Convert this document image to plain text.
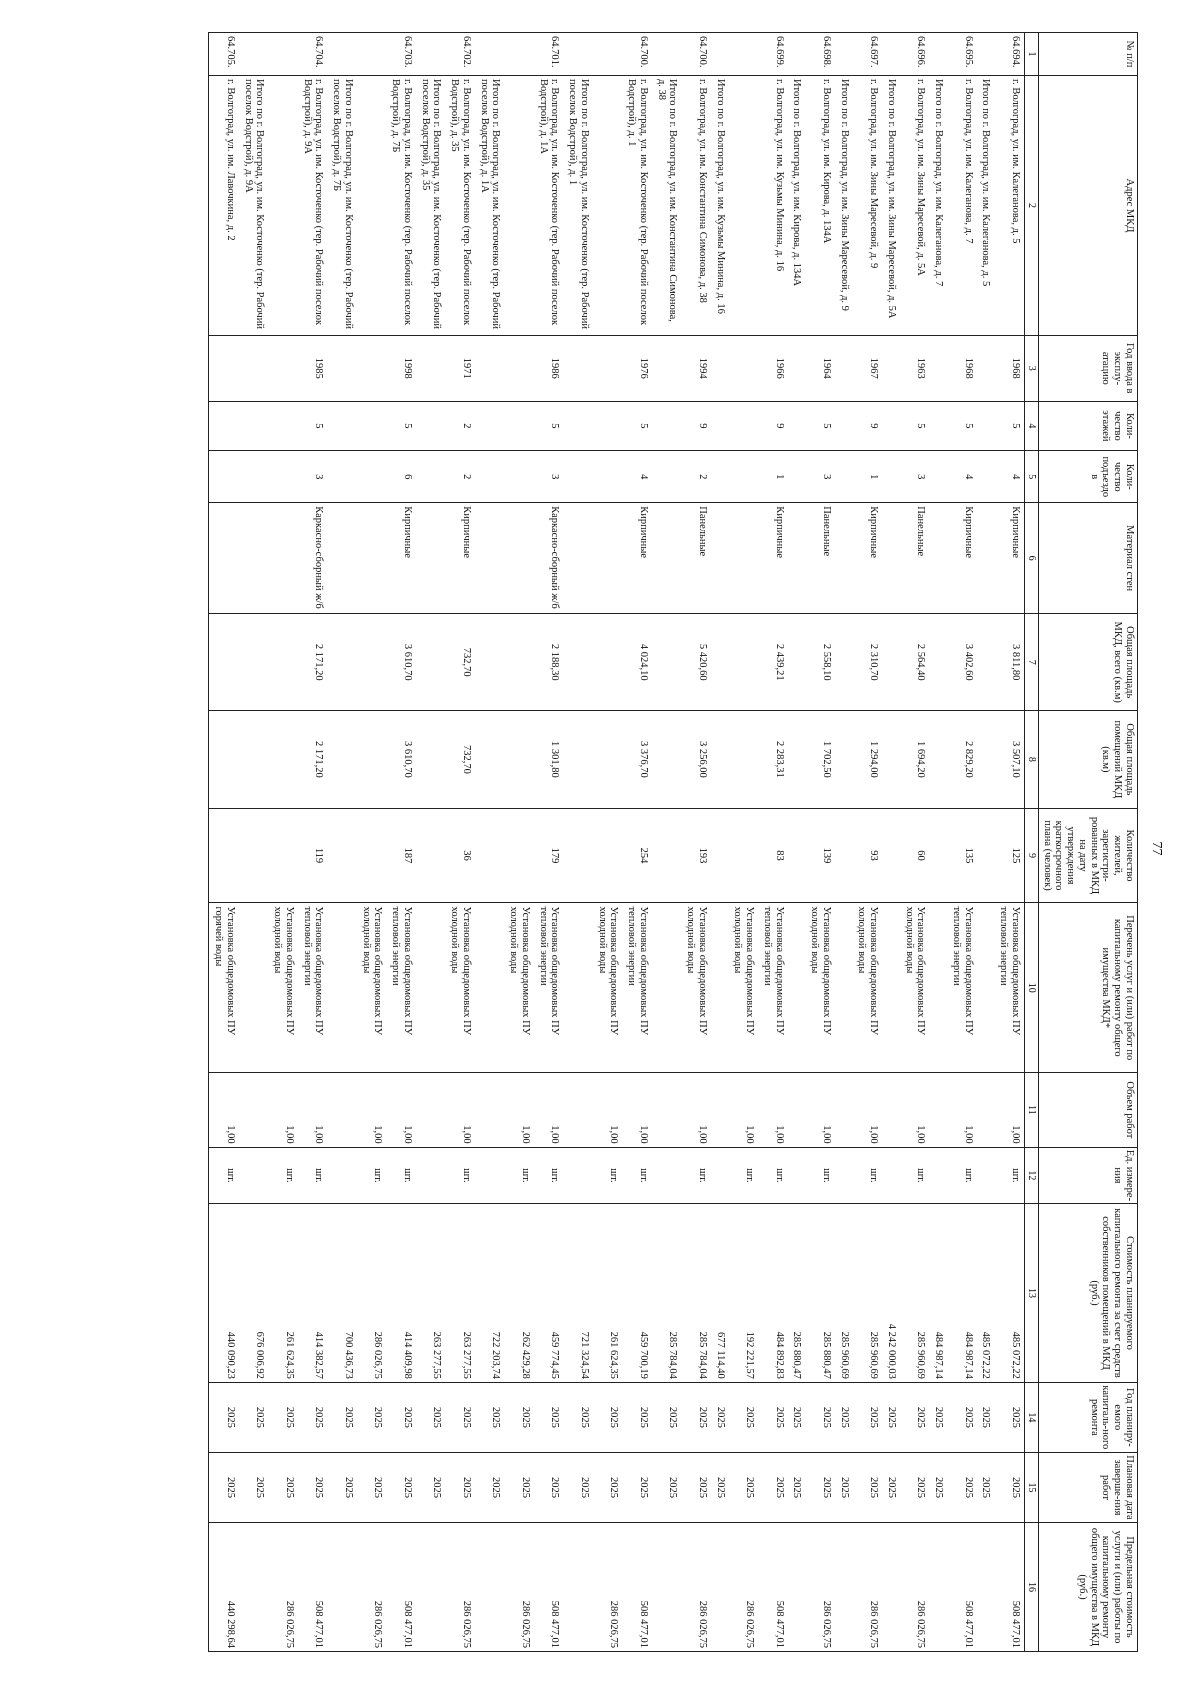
77
№ п/п	Адрес МКД	Год ввода в эксплу-атацию	Коли-чество этажей	Коли-чество подъездо в	Материал стен	Общая площадь МКД, всего (кв.м)	Общая площадь помещений МКД (кв.м)	Количество жителей, зарегистри-рованных в МКД на дату утверждения краткосрочного плана (человек)	Перечень услуг и (или) работ по капитальному ремонту общего имущества МКД*	Объем работ	Ед. измере-ния	Стоимость планируемого капитального ремонта за счет средств собственников помещений в МКД (руб.)	Год планиру-емого капиталь-ного ремонта	Плановая дата заверше-ния работ	Предельная стоимость услуги и (или) работы по капитальному ремонту общего имущества в МКД (руб.)
1	2	3	4	5	6	7	8	9	10	11	12	13	14	15	16
64.694.	г. Волгоград, ул. им. Калеганова, д. 5	1968	5	4	Кирпичные	3 811,80	3 507,10	125	Установка общедомовых ПУ тепловой энергии	1,00	шт.	485 072,22	2025	2025	508 477,01
	Итого по г. Волгоград, ул. им. Калеганова, д. 5											485 072,22	2025	2025	
64.695.	г. Волгоград, ул. им. Калеганова, д. 7	1968	5	4	Кирпичные	3 402,60	2 829,20	135	Установка общедомовых ПУ тепловой энергии	1,00	шт.	484 987,14	2025	2025	508 477,01
	Итого по г. Волгоград, ул. им. Калеганова, д. 7											484 987,14	2025	2025	
64.696.	г. Волгоград, ул. им. Зины Маресевой, д. 5А	1963	5	3	Панельные	2 564,40	1 694,20	60	Установка общедомовых ПУ холодной воды	1,00	шт.	285 960,69	2025	2025	286 026,75
	Итого по г. Волгоград, ул. им. Зины Маресевой, д. 5А											4 242 000,03	2025	2025	
64.697.	г. Волгоград, ул. им. Зины Маресевой, д. 9	1967	9	1	Кирпичные	2 310,70	1 294,00	93	Установка общедомовых ПУ холодной воды	1,00	шт.	285 960,69	2025	2025	286 026,75
	Итого по г. Волгоград, ул. им. Зины Маресевой, д. 9											285 960,69	2025	2025	
64.698.	г. Волгоград, ул. им. Кирова, д. 134А	1964	5	3	Панельные	2 558,10	1 702,50	139	Установка общедомовых ПУ холодной воды	1,00	шт.	285 880,47	2025	2025	286 026,75
	Итого по г. Волгоград, ул. им. Кирова, д. 134А											285 880,47	2025	2025	
64.699.	г. Волгоград, ул. им. Кузьмы Минина, д. 16	1966	9	1	Кирпичные	2 439,21	2 283,31	83	Установка общедомовых ПУ тепловой энергии	1,00	шт.	484 892,83	2025	2025	508 477,01
									Установка общедомовых ПУ холодной воды	1,00	шт.	192 221,57	2025	2025	286 026,75
	Итого по г. Волгоград, ул. им. Кузьмы Минина, д. 16											677 114,40	2025	2025	
64.700.	г. Волгоград, ул. им. Константина Симонова, д. 38	1994	9	2	Панельные	5 420,60	3 256,00	193	Установка общедомовых ПУ холодной воды	1,00	шт.	285 784,04	2025	2025	286 026,75
	Итого по г. Волгоград, ул. им. Константина Симонова, д. 38											285 784,04	2025	2025	
64.700.	г. Волгоград, ул. им. Косточенко (тер. Рабочий поселок Водстрой), д. 1	1976	5	4	Кирпичные	4 024,10	3 376,70	254	Установка общедомовых ПУ тепловой энергии	1,00	шт.	459 700,19	2025	2025	508 477,01
									Установка общедомовых ПУ холодной воды	1,00	шт.	261 624,35	2025	2025	286 026,75
	Итого по г. Волгоград, ул. им. Косточенко (тер. Рабочий поселок Водстрой), д. 1											721 324,54	2025	2025	
64.701.	г. Волгоград, ул. им. Косточенко (тер. Рабочий поселок Водстрой), д. 1А	1986	5	3	Каркасно-сборный ж/б	2 188,30	1 301,80	179	Установка общедомовых ПУ тепловой энергии	1,00	шт.	459 774,45	2025	2025	508 477,01
									Установка общедомовых ПУ холодной воды	1,00	шт.	262 429,28	2025	2025	286 026,75
	Итого по г. Волгоград, ул. им. Косточенко (тер. Рабочий поселок Водстрой), д. 1А											722 203,74	2025	2025	
64.702.	г. Волгоград, ул. им. Косточенко (тер. Рабочий поселок Водстрой), д. 35	1971	2	2	Кирпичные	732,70	732,70	36	Установка общедомовых ПУ холодной воды	1,00	шт.	263 277,55	2025	2025	286 026,75
	Итого по г. Волгоград, ул. им. Косточенко (тер. Рабочий поселок Водстрой), д. 35											263 277,55	2025	2025	
64.703.	г. Волгоград, ул. им. Косточенко (тер. Рабочий поселок Водстрой), д. 7Б	1998	5	6	Кирпичные	3 610,70	3 610,70	187	Установка общедомовых ПУ тепловой энергии	1,00	шт.	414 409,98	2025	2025	508 477,01
									Установка общедомовых ПУ холодной воды	1,00	шт.	286 026,75	2025	2025	286 026,75
	Итого по г. Волгоград, ул. им. Косточенко (тер. Рабочий поселок Водстрой), д. 7Б											700 436,73	2025	2025	
64.704.	г. Волгоград, ул. им. Косточенко (тер. Рабочий поселок Водстрой), д. 9А	1985	5	3	Каркасно-сборный ж/б	2 171,20	2 171,20	119	Установка общедомовых ПУ тепловой энергии	1,00	шт.	414 382,57	2025	2025	508 477,01
									Установка общедомовых ПУ холодной воды	1,00	шт.	261 624,35	2025	2025	286 026,75
	Итого по г. Волгоград, ул. им. Косточенко (тер. Рабочий поселок Водстрой), д. 9А											676 006,92	2025	2025	
64.705.	г. Волгоград, ул. им. Лавочкина, д. 2								Установка общедомовых ПУ горячей воды	1,00	шт.	440 090,23	2025	2025	440 298,64
